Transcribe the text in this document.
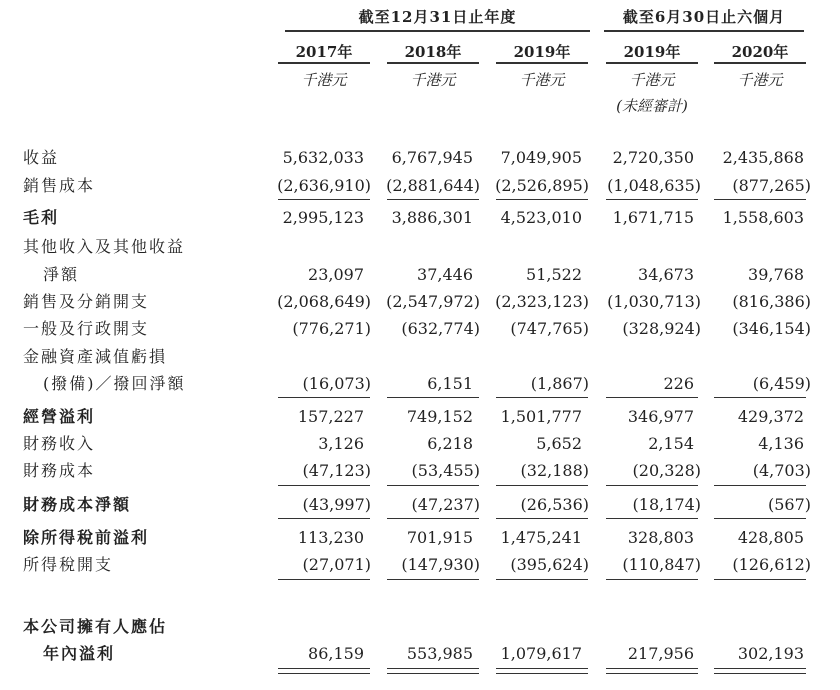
截至12月31日止年度	截至6月30日止六個月
2017年	2018年	2019年	2019年	2020年
千港元	千港元	千港元	千港元	千港元
(未經審計)
收益	5,632,033 6,767,945 7,049,905 2,720,350 2,435,868
銷售成本	(2,636,910) (2,881,644) (2,526,895) (1,048,635) (877,265)
毛利	2,995,123 3,886,301 4,523,010 1,671,715 1,558,603
其他收入及其他收益
淨額	23,097	37,446	51,522	34,673	39,768
銷售及分銷開支	(2,068,649) (2,547,972) (2,323,123) (1,030,713) (816,386)
一般及行政開支	(776,271) (632,774) (747,765) (328,924) (346,154)
金融資產減值虧損
(撥備)／撥回淨額	(16,073)	6,151	(1,867)	226	(6,459)
經營溢利	157,227	749,152 1,501,777	346,977	429,372
財務收入	3,126	6,218	5,652	2,154	4,136
財務成本	(47,123)	(53,455)	(32,188)	(20,328)	(4,703)
財務成本淨額	(43,997)	(47,237)	(26,536)	(18,174)	(567)
除所得稅前溢利	113,230	701,915 1,475,241	328,803	428,805
所得稅開支	(27,071) (147,930) (395,624) (110,847) (126,612)
本公司擁有人應佔
年內溢利	86,159	553,985 1,079,617	217,956	302,193
